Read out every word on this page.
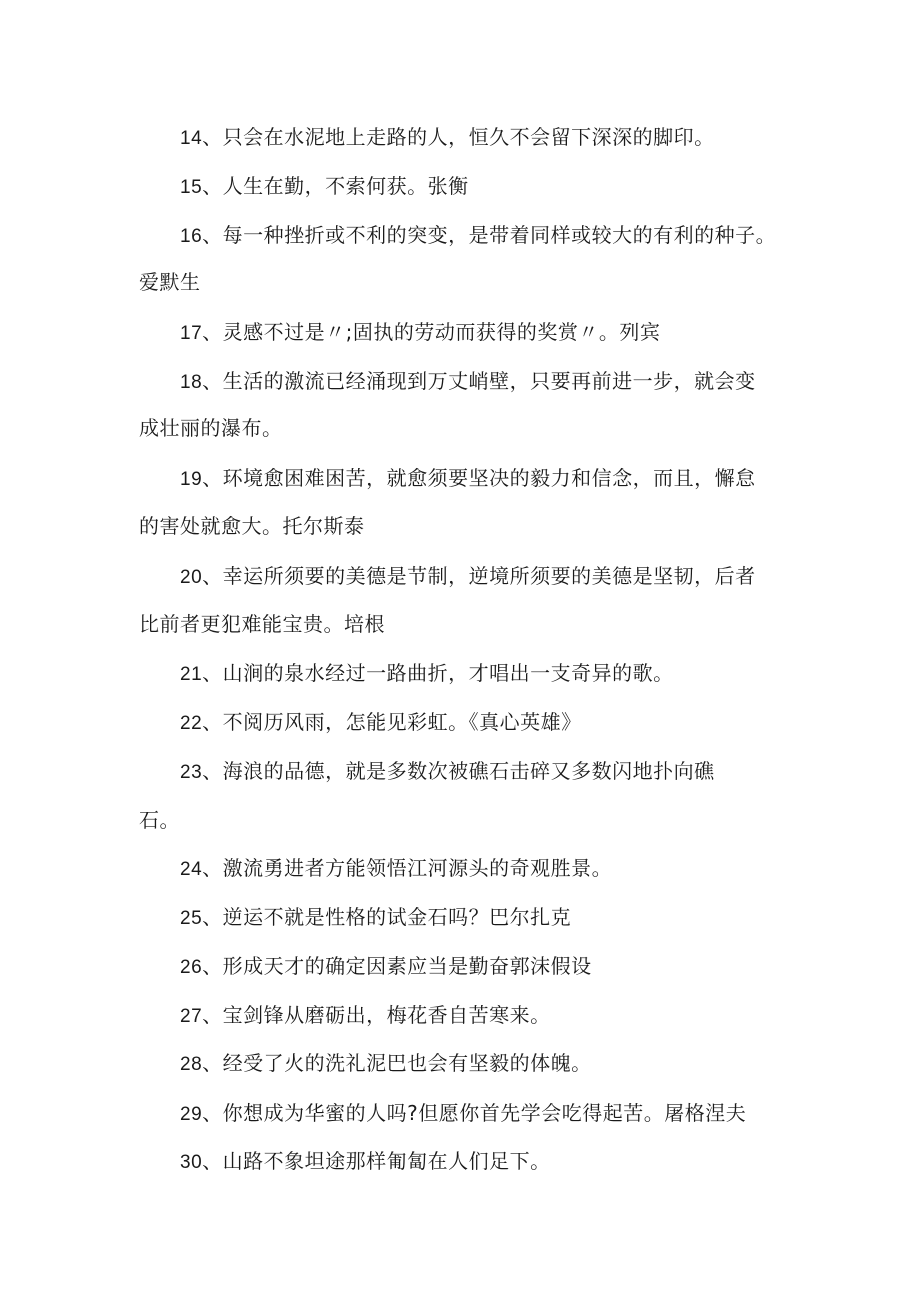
14、只会在水泥地上走路的人，恒久不会留下深深的脚印。
15、人生在勤，不索何获。张衡
16、每一种挫折或不利的突变，是带着同样或较大的有利的种子。
爱默生
17、灵感不过是〃;固执的劳动而获得的奖赏〃。列宾
18、生活的激流已经涌现到万丈峭壁，只要再前进一步，就会变
成壮丽的瀑布。
19、环境愈困难困苦，就愈须要坚决的毅力和信念，而且，懈怠
的害处就愈大。托尔斯泰
20、幸运所须要的美德是节制，逆境所须要的美德是坚韧，后者
比前者更犯难能宝贵。培根
21、山涧的泉水经过一路曲折，才唱出一支奇异的歌。
22、不阅历风雨，怎能见彩虹。《真心英雄》
23、海浪的品德，就是多数次被礁石击碎又多数闪地扑向礁
石。
24、激流勇进者方能领悟江河源头的奇观胜景。
25、逆运不就是性格的试金石吗？巴尔扎克
26、形成天才的确定因素应当是勤奋郭沫假设
27、宝剑锋从磨砺出，梅花香自苦寒来。
28、经受了火的洗礼泥巴也会有坚毅的体魄。
29、你想成为华蜜的人吗?但愿你首先学会吃得起苦。屠格涅夫
30、山路不象坦途那样匍匐在人们足下。
